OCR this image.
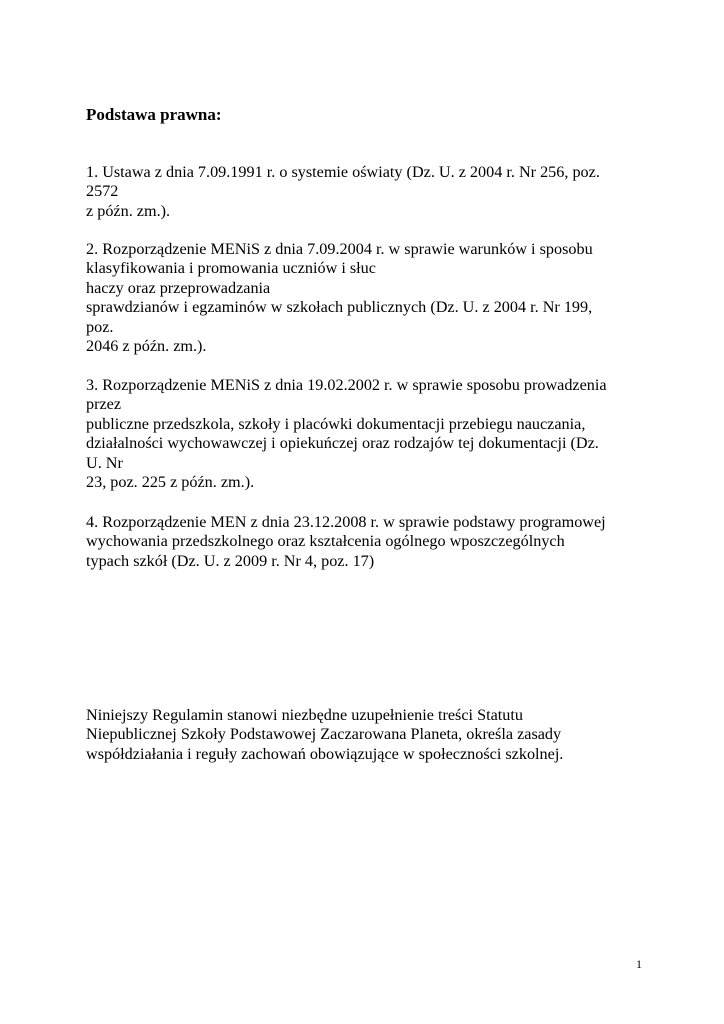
Podstawa prawna:
1. Ustawa z dnia 7.09.1991 r. o systemie oświaty (Dz. U. z 2004 r. Nr 256, poz.
2572
z późn. zm.).
2. Rozporządzenie MENiS z dnia 7.09.2004 r. w sprawie warunków i sposobu
klasyfikowania i promowania uczniów i słuc
haczy oraz przeprowadzania
sprawdzianów i egzaminów w szkołach publicznych (Dz. U. z 2004 r. Nr 199,
poz.
2046 z późn. zm.).
3. Rozporządzenie MENiS z dnia 19.02.2002 r. w sprawie sposobu prowadzenia
przez
publiczne przedszkola, szkoły i placówki dokumentacji przebiegu nauczania,
działalności wychowawczej i opiekuńczej oraz rodzajów tej dokumentacji (Dz.
U. Nr
23, poz. 225 z późn. zm.).
4. Rozporządzenie MEN z dnia 23.12.2008 r. w sprawie podstawy programowej
wychowania przedszkolnego oraz kształcenia ogólnego wposzczególnych
typach szkół (Dz. U. z 2009 r. Nr 4, poz. 17)
Niniejszy Regulamin stanowi niezbędne uzupełnienie treści Statutu
Niepublicznej Szkoły Podstawowej Zaczarowana Planeta, określa zasady
współdziałania i reguły zachowań obowiązujące w społeczności szkolnej.
1
